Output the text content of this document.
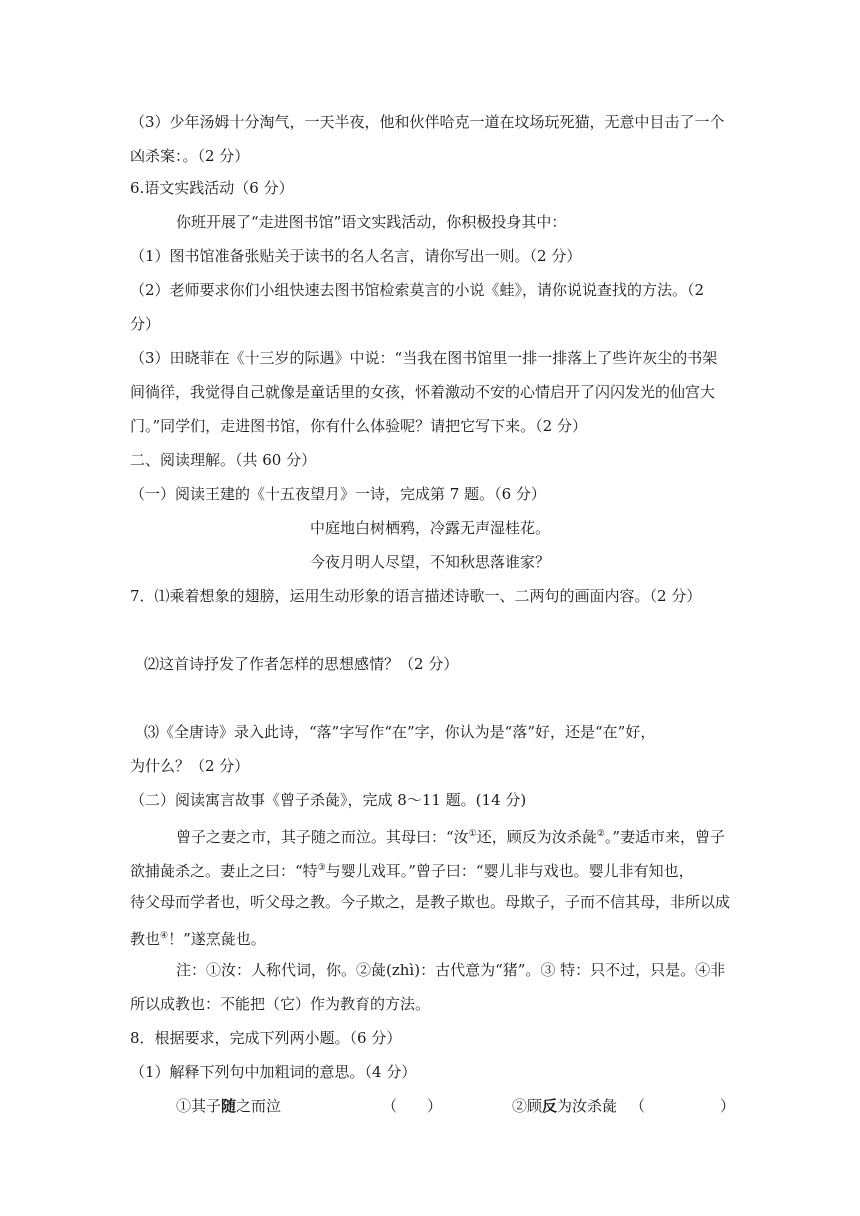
（3）少年汤姆十分淘气，一天半夜，他和伙伴哈克一道在坟场玩死猫，无意中目击了一个
凶杀案：。（2 分）
6.语文实践活动（6 分）
你班开展了“走进图书馆”语文实践活动，你积极投身其中：
（1）图书馆准备张贴关于读书的名人名言，请你写出一则。（2 分）
（2）老师要求你们小组快速去图书馆检索莫言的小说《蛙》，请你说说查找的方法。（2
分）
（3）田晓菲在《十三岁的际遇》中说：“当我在图书馆里一排一排落上了些许灰尘的书架
间徜徉，我觉得自己就像是童话里的女孩，怀着激动不安的心情启开了闪闪发光的仙宫大
门。”同学们，走进图书馆，你有什么体验呢？请把它写下来。（2 分）
二、阅读理解。（共 60 分）
（一）阅读王建的《十五夜望月》一诗，完成第 7 题。（6 分）
中庭地白树栖鸦，冷露无声湿桂花。
今夜月明人尽望，不知秋思落谁家？
7．⑴乘着想象的翅膀，运用生动形象的语言描述诗歌一、二两句的画面内容。（2 分）
⑵这首诗抒发了作者怎样的思想感情？（2 分）
⑶《全唐诗》录入此诗，“落”字写作“在”字，你认为是“落”好，还是“在”好，
为什么？（2 分）
（二）阅读寓言故事《曾子杀彘》，完成 8～11 题。(14 分)
曾子之妻之市，其子随之而泣。其母曰：“汝①还，顾反为汝杀彘②。”妻适市来，曾子
欲捕彘杀之。妻止之曰：“特③与婴儿戏耳。”曾子曰：“婴儿非与戏也。婴儿非有知也，
待父母而学者也，听父母之教。今子欺之，是教子欺也。母欺子，子而不信其母，非所以成
教也④！”遂烹彘也。
注：①汝：人称代词，你。②彘(zhì)：古代意为“猪”。③ 特：只不过，只是。④非
所以成教也：不能把（它）作为教育的方法。
8．根据要求，完成下列两小题。（6 分）
（1）解释下列句中加粗词的意思。（4 分）
①其子随之而泣	（　　）	②顾反为汝杀彘 （　　　　　）
